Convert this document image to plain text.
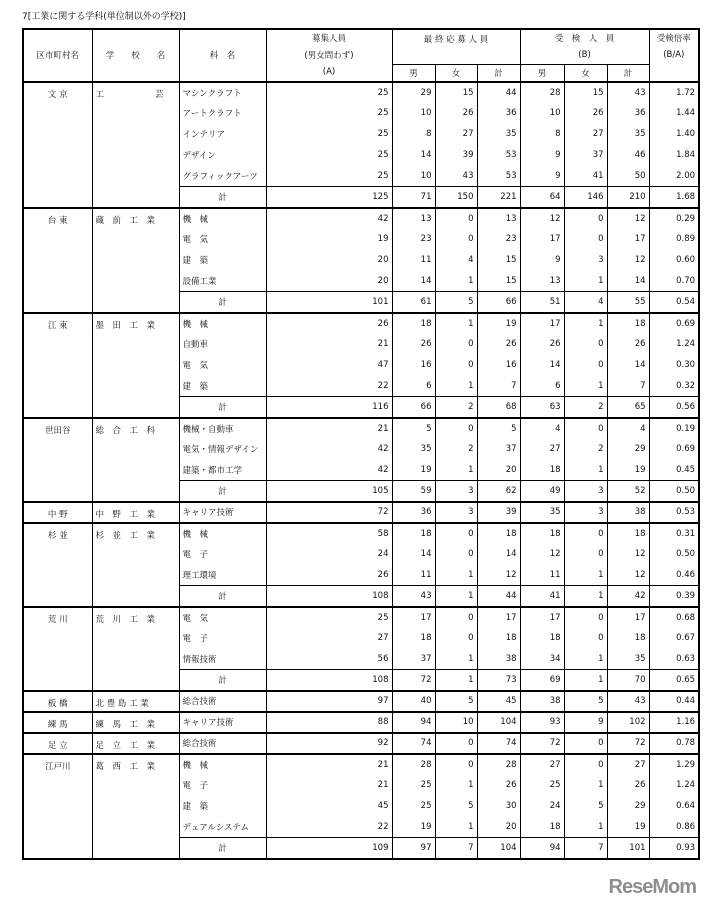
7[工業に関する学科(単位制以外の学校)]
区市町村名	学　　校　　名	科　名	募集人員	最 終 応 募 人 員			受　検　人　員			受検倍率
			(男女問わず)				(B)			(B/A)
			(A)	男	女	計	男	女	計	
文 京	工　　　　　　芸	マシンクラフト	25	29	15	44	28	15	43	1.72
		アートクラフト	25	10	26	36	10	26	36	1.44
		インテリア	25	8	27	35	8	27	35	1.40
		デザイン	25	14	39	53	9	37	46	1.84
		グラフィックアーツ	25	10	43	53	9	41	50	2.00
		計	125	71	150	221	64	146	210	1.68
台 東	蔵　前　工　業	機　械	42	13	0	13	12	0	12	0.29
		電　気	19	23	0	23	17	0	17	0.89
		建　築	20	11	4	15	9	3	12	0.60
		設備工業	20	14	1	15	13	1	14	0.70
		計	101	61	5	66	51	4	55	0.54
江 東	墨　田　工　業	機　械	26	18	1	19	17	1	18	0.69
		自動車	21	26	0	26	26	0	26	1.24
		電　気	47	16	0	16	14	0	14	0.30
		建　築	22	6	1	7	6	1	7	0.32
		計	116	66	2	68	63	2	65	0.56
世田谷	総　合　工　科	機械・自動車	21	5	0	5	4	0	4	0.19
		電気・情報デザイン	42	35	2	37	27	2	29	0.69
		建築・都市工学	42	19	1	20	18	1	19	0.45
		計	105	59	3	62	49	3	52	0.50
中 野	中　野　工　業	キャリア技術	72	36	3	39	35	3	38	0.53
杉 並	杉　並　工　業	機　械	58	18	0	18	18	0	18	0.31
		電　子	24	14	0	14	12	0	12	0.50
		理工環境	26	11	1	12	11	1	12	0.46
		計	108	43	1	44	41	1	42	0.39
荒 川	荒　川　工　業	電　気	25	17	0	17	17	0	17	0.68
		電　子	27	18	0	18	18	0	18	0.67
		情報技術	56	37	1	38	34	1	35	0.63
		計	108	72	1	73	69	1	70	0.65
板 橋	北 豊 島 工 業	総合技術	97	40	5	45	38	5	43	0.44
練 馬	練　馬　工　業	キャリア技術	88	94	10	104	93	9	102	1.16
足 立	足　立　工　業	総合技術	92	74	0	74	72	0	72	0.78
江戸川	葛　西　工　業	機　械	21	28	0	28	27	0	27	1.29
		電　子	21	25	1	26	25	1	26	1.24
		建　築	45	25	5	30	24	5	29	0.64
		デュアルシステム	22	19	1	20	18	1	19	0.86
		計	109	97	7	104	94	7	101	0.93
ReseMom
